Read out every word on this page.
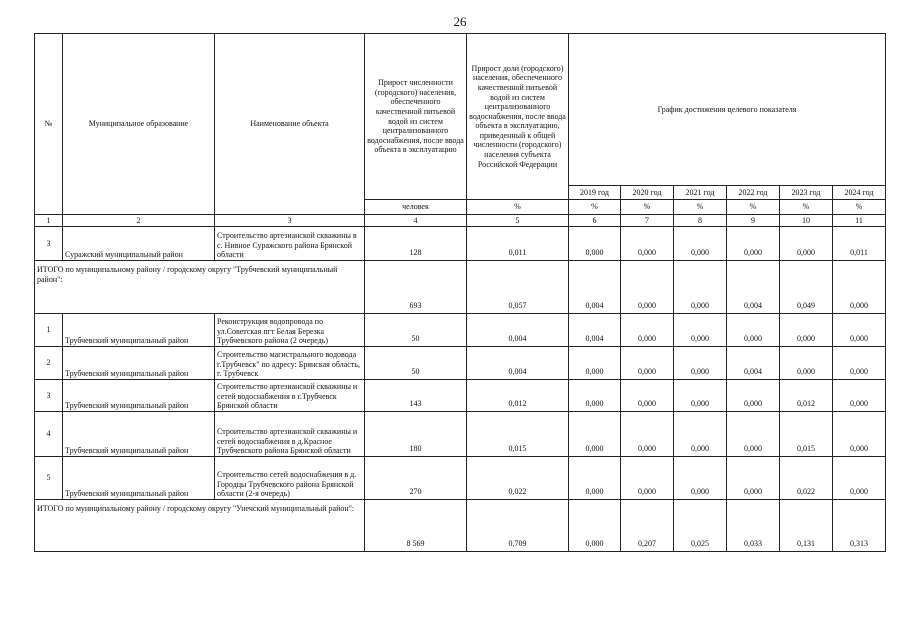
26
№	Муниципальное образование	Наименование объекта	Прирост численности (городского) населения, обеспеченного качественной питьевой водой из систем централизованного водоснабжения, после ввода объекта в эксплуатацию	Прирост доли (городского) населения, обеспеченного качественной питьевой водой из систем централизованного водоснабжения, после ввода объекта в эксплуатацию, приведенный к общей численности (городского) населения субъекта Российской Федерации	График достижения целевого показателя					
					2019 год	2020 год	2021 год	2022 год	2023 год	2024 год
			человек	%	%	%	%	%	%	%
1	2	3	4	5	6	7	8	9	10	11
3	Суражский муниципальный район	Строительство артезианской скважины в с. Нивное Суражского района Брянской области	128	0,011	0,000	0,000	0,000	0,000	0,000	0,011
ИТОГО по муниципальному району / городскому округу "Трубчевский муниципальный район":			693	0,057	0,004	0,000	0,000	0,004	0,049	0,000
1	Трубчевский муниципальный район	Реконструкция водопровода по ул.Советская пгт Белая Березка Трубчевского района (2 очередь)	50	0,004	0,004	0,000	0,000	0,000	0,000	0,000
2	Трубчевский муниципальный район	Строительство магистрального водовода г.Трубчевск" по адресу: Брянская область, г. Трубчевск	50	0,004	0,000	0,000	0,000	0,004	0,000	0,000
3	Трубчевский муниципальный район	Строительство артезианской скважины и сетей водоснабжения в г.Трубчевск Брянской области	143	0,012	0,000	0,000	0,000	0,000	0,012	0,000
4	Трубчевский муниципальный район	Строительство артезианской скважины и сетей водоснабжения в д.Красное Трубчевского района Брянской области	180	0,015	0,000	0,000	0,000	0,000	0,015	0,000
5	Трубчевский муниципальный район	Строительство сетей водоснабжения в д. Городцы Трубчевского района Брянской области (2-я очередь)	270	0,022	0,000	0,000	0,000	0,000	0,022	0,000
ИТОГО по муниципальному району / городскому округу "Унечский муниципальный район":			8 569	0,709	0,000	0,207	0,025	0,033	0,131	0,313
